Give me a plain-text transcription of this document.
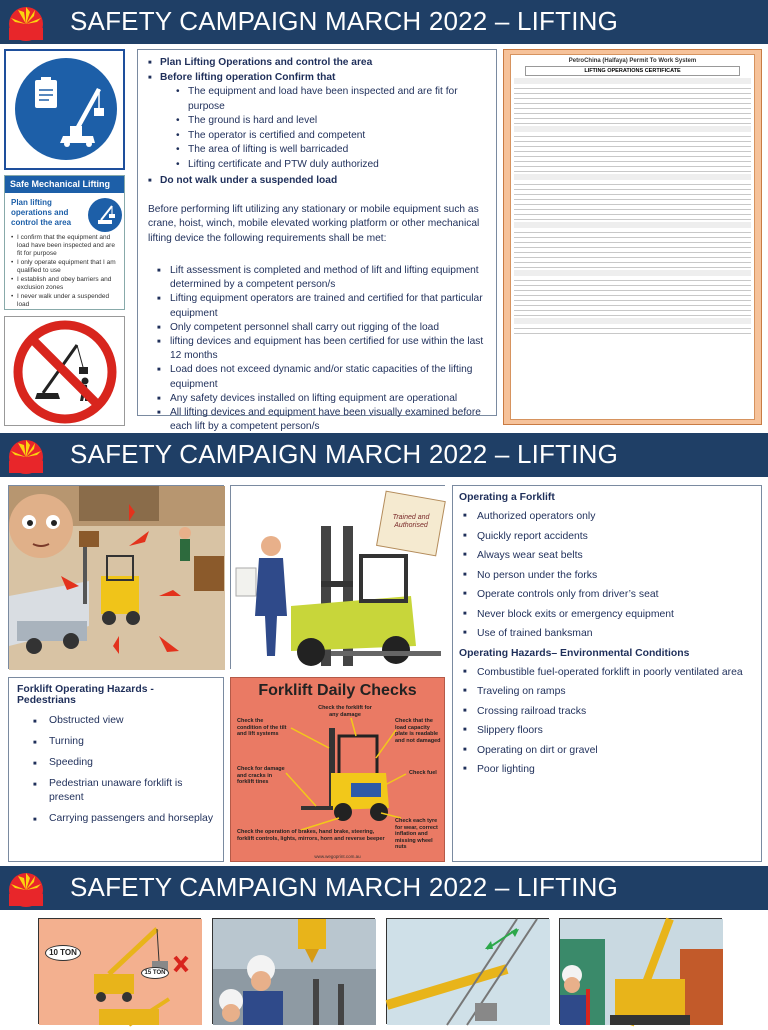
SAFETY CAMPAIGN MARCH 2022 – LIFTING
Safe Mechanical Lifting
Plan lifting operations and control the area
• I confirm that the equipment and load have been inspected and are fit for purpose
• I only operate equipment that I am qualified to use
• I establish and obey barriers and exclusion zones
• I never walk under a suspended load
■ Plan Lifting Operations and control the area
■ Before lifting operation Confirm that
• The equipment and load have been inspected and are fit for purpose
• The ground is hard and level
• The operator is certified and competent
• The area of lifting is well barricaded
• Lifting certificate and PTW duly authorized
■ Do not walk under a suspended load

Before performing lift utilizing any stationary or mobile equipment such as crane, hoist, winch, mobile elevated working platform or other mechanical lifting device the following requirements shall be met:

■ Lift assessment is completed and method of lift and lifting equipment determined by a competent person/s
■ Lifting equipment operators are trained and certified for that particular equipment
■ Only competent personnel shall carry out rigging of the load
■ lifting devices and equipment has been certified for use within the last 12 months
■ Load does not exceed dynamic and/or static capacities of the lifting equipment
■ Any safety devices installed on lifting equipment are operational
■ All lifting devices and equipment have been visually examined before each lift by a competent person/s
PetroChina (Halfaya) Permit To Work System
LIFTING OPERATIONS CERTIFICATE
SAFETY CAMPAIGN MARCH 2022 – LIFTING
Trained and Authorised
Forklift Operating Hazards - Pedestrians
■ Obstructed view
■ Turning
■ Speeding
■ Pedestrian unaware forklift is present
■ Carrying passengers and horseplay
Forklift Daily Checks
Check the condition of the tilt and lift systems
Check the forklift for any damage
Check that the load capacity plate is readable and not damaged
Check for damage and cracks in forklift tines
Check fuel
Check each tyre for wear, correct inflation and missing wheel nuts
Check the operation of brakes, hand brake, steering, forklift controls, lights, mirrors, horn and reverse beeper
www.wegoprint.com.au
Operating a Forklift
■ Authorized operators only
■ Quickly report accidents
■ Always wear seat belts
■ No person under the forks
■ Operate controls only from driver’s seat
■ Never block exits or emergency equipment
■ Use of trained banksman
Operating Hazards– Environmental Conditions
■ Combustible fuel-operated forklift in poorly ventilated area
■ Traveling on ramps
■ Crossing railroad tracks
■ Slippery floors
■ Operating on dirt or gravel
■ Poor lighting
SAFETY CAMPAIGN MARCH 2022 – LIFTING
10 TON
15 TON
